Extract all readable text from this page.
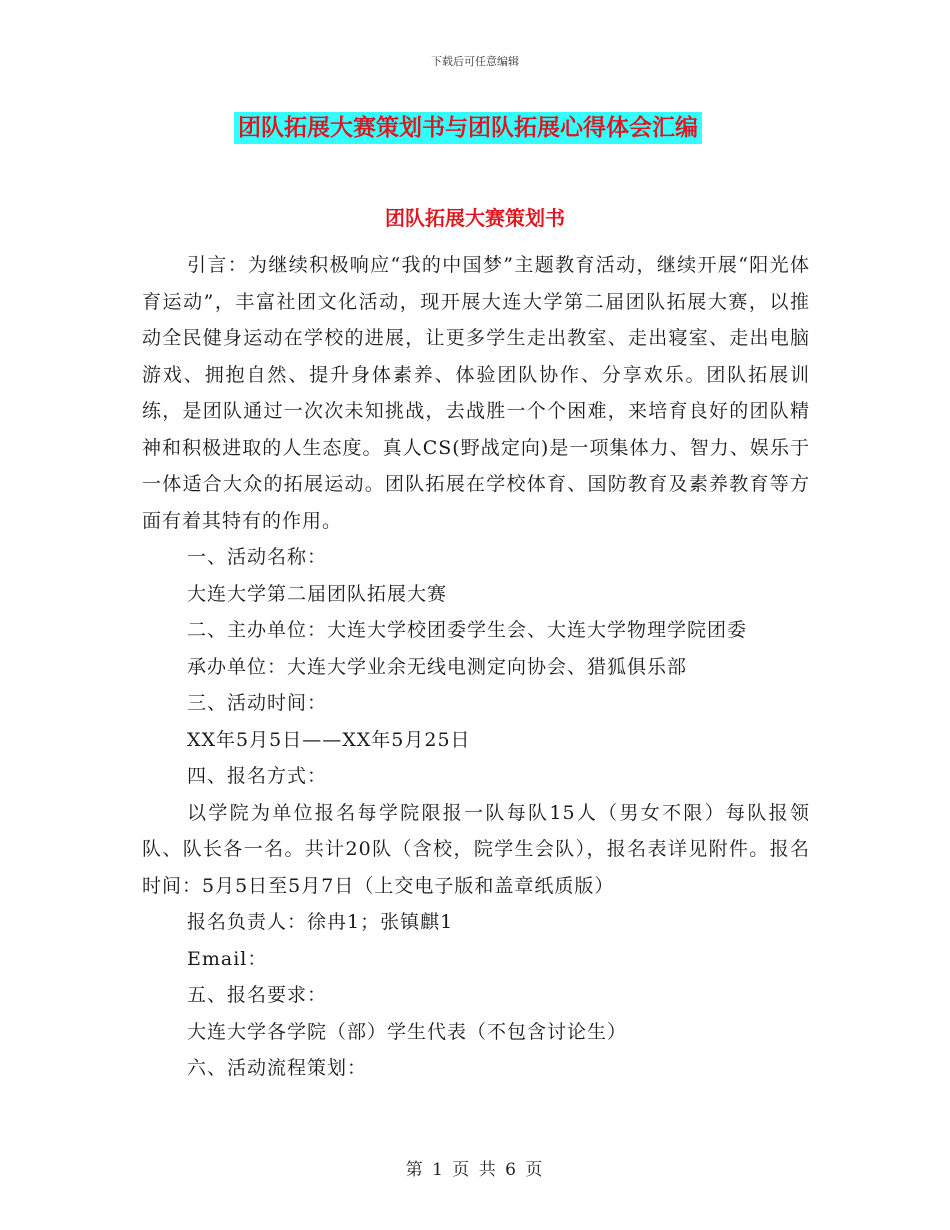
下载后可任意编辑
团队拓展大赛策划书与团队拓展心得体会汇编
团队拓展大赛策划书

引言：为继续积极响应“我的中国梦”主题教育活动，继续开展“阳光体育运动”，丰富社团文化活动，现开展大连大学第二届团队拓展大赛，以推动全民健身运动在学校的进展，让更多学生走出教室、走出寝室、走出电脑游戏、拥抱自然、提升身体素养、体验团队协作、分享欢乐。团队拓展训练，是团队通过一次次未知挑战，去战胜一个个困难，来培育良好的团队精神和积极进取的人生态度。真人CS(野战定向)是一项集体力、智力、娱乐于一体适合大众的拓展运动。团队拓展在学校体育、国防教育及素养教育等方面有着其特有的作用。

一、活动名称：

大连大学第二届团队拓展大赛

二、主办单位：大连大学校团委学生会、大连大学物理学院团委

承办单位：大连大学业余无线电测定向协会、猎狐俱乐部

三、活动时间：

XX年5月5日——XX年5月25日

四、报名方式：

以学院为单位报名每学院限报一队每队15人（男女不限）每队报领队、队长各一名。共计20队（含校，院学生会队），报名表详见附件。报名时间：5月5日至5月7日（上交电子版和盖章纸质版）

报名负责人：徐冉1；张镇麒1

Email：

五、报名要求：

大连大学各学院（部）学生代表（不包含讨论生）

六、活动流程策划：

第 1 页 共 6 页
